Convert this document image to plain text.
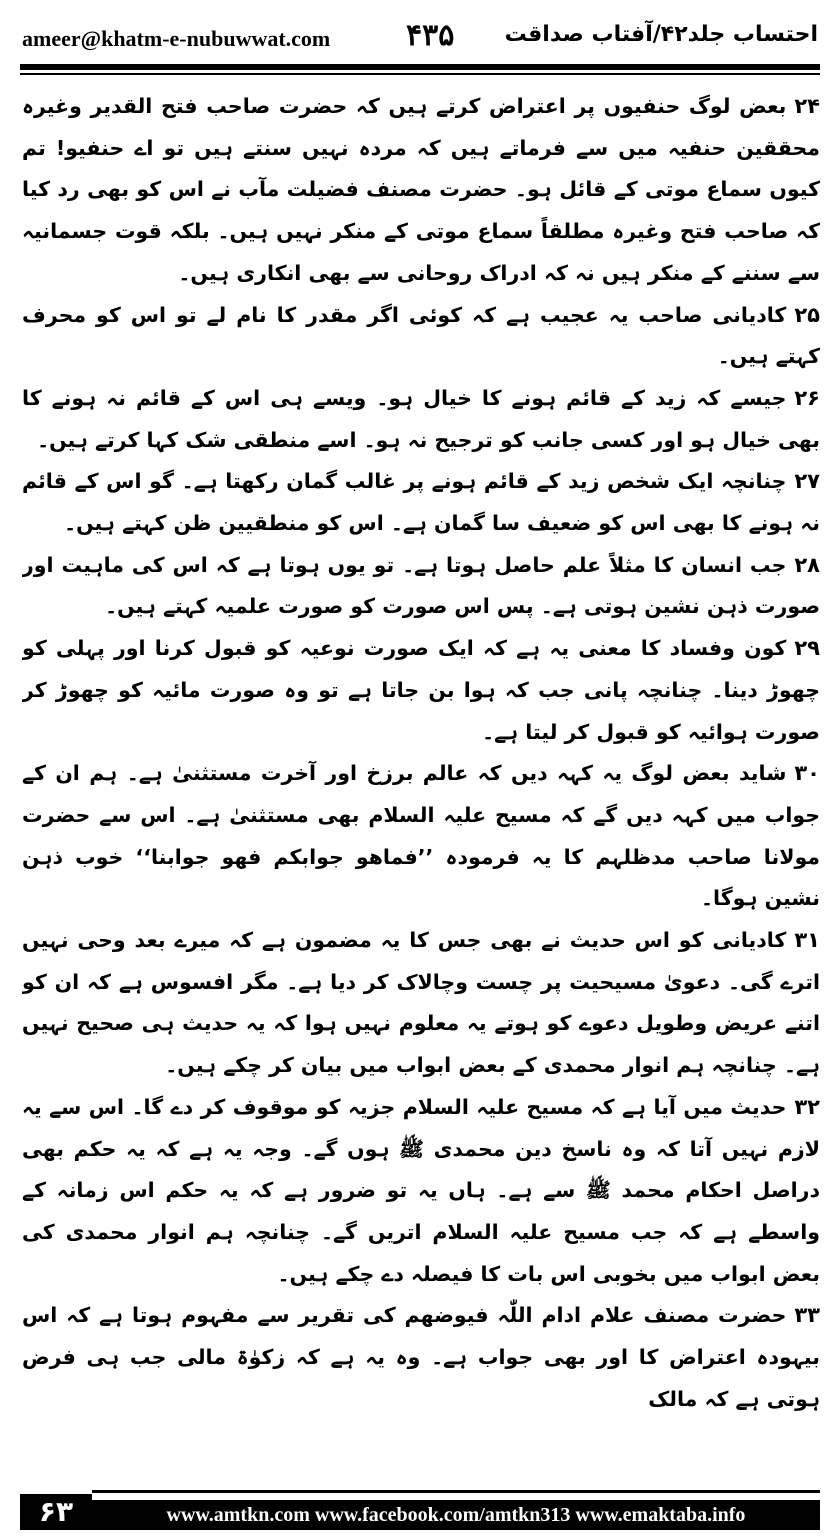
ameer@khatm-e-nubuwwat.com	۴۳۵ احتساب جلد۴۲/آفتاب صداقت

۲۴بعض لوگ حنفیوں پر اعتراض کرتے ہیں کہ حضرت صاحب فتح القدیر وغیرہ محققین حنفیہ میں سے فرماتے ہیں کہ مردہ نہیں سنتے ہیں تو اے حنفیو! تم کیوں سماع موتی کے قائل ہو۔ حضرت مصنف فضیلت مآب نے اس کو بھی رد کیا کہ صاحب فتح وغیرہ مطلقاً سماع موتی کے منکر نہیں ہیں۔ بلکہ قوت جسمانیہ سے سننے کے منکر ہیں نہ کہ ادراک روحانی سے بھی انکاری ہیں۔

۲۵کادیانی صاحب یہ عجیب ہے کہ کوئی اگر مقدر کا نام لے تو اس کو محرف کہتے ہیں۔

۲۶جیسے کہ زید کے قائم ہونے کا خیال ہو۔ ویسے ہی اس کے قائم نہ ہونے کا بھی خیال ہو اور کسی جانب کو ترجیح نہ ہو۔ اسے منطقی شک کہا کرتے ہیں۔

۲۷چنانچہ ایک شخص زید کے قائم ہونے پر غالب گمان رکھتا ہے۔ گو اس کے قائم نہ ہونے کا بھی اس کو ضعیف سا گمان ہے۔ اس کو منطقیین ظن کہتے ہیں۔

۲۸جب انسان کا مثلاً علم حاصل ہوتا ہے۔ تو یوں ہوتا ہے کہ اس کی ماہیت اور صورت ذہن نشین ہوتی ہے۔ پس اس صورت کو صورت علمیہ کہتے ہیں۔

۲۹کون وفساد کا معنی یہ ہے کہ ایک صورت نوعیہ کو قبول کرنا اور پہلی کو چھوڑ دینا۔ چنانچہ پانی جب کہ ہوا بن جاتا ہے تو وہ صورت مائیہ کو چھوڑ کر صورت ہوائیہ کو قبول کر لیتا ہے۔

۳۰شاید بعض لوگ یہ کہہ دیں کہ عالم برزخ اور آخرت مستثنیٰ ہے۔ ہم ان کے جواب میں کہہ دیں گے کہ مسیح علیہ السلام بھی مستثنیٰ ہے۔ اس سے حضرت مولانا صاحب مدظلہم کا یہ فرمودہ ’’فماھو جوابکم فھو جوابنا‘‘ خوب ذہن نشین ہوگا۔

۳۱کادیانی کو اس حدیث نے بھی جس کا یہ مضمون ہے کہ میرے بعد وحی نہیں اترے گی۔ دعویٰ مسیحیت پر چست وچالاک کر دیا ہے۔ مگر افسوس ہے کہ ان کو اتنے عریض وطویل دعوے کو ہوتے یہ معلوم نہیں ہوا کہ یہ حدیث ہی صحیح نہیں ہے۔ چنانچہ ہم انوار محمدی کے بعض ابواب میں بیان کر چکے ہیں۔

۳۲حدیث میں آیا ہے کہ مسیح علیہ السلام جزیہ کو موقوف کر دے گا۔ اس سے یہ لازم نہیں آتا کہ وہ ناسخ دین محمدی ﷺ ہوں گے۔ وجہ یہ ہے کہ یہ حکم بھی دراصل احکام محمد ﷺ سے ہے۔ ہاں یہ تو ضرور ہے کہ یہ حکم اس زمانہ کے واسطے ہے کہ جب مسیح علیہ السلام اتریں گے۔ چنانچہ ہم انوار محمدی کی بعض ابواب میں بخوبی اس بات کا فیصلہ دے چکے ہیں۔

۳۳حضرت مصنف علام ادام اللّٰہ فیوضھم کی تقریر سے مفہوم ہوتا ہے کہ اس بیہودہ اعتراض کا اور بھی جواب ہے۔ وہ یہ ہے کہ زکوٰۃ مالی جب ہی فرض ہوتی ہے کہ مالک

۶۳	www.amtkn.com www.facebook.com/amtkn313 www.emaktaba.info
